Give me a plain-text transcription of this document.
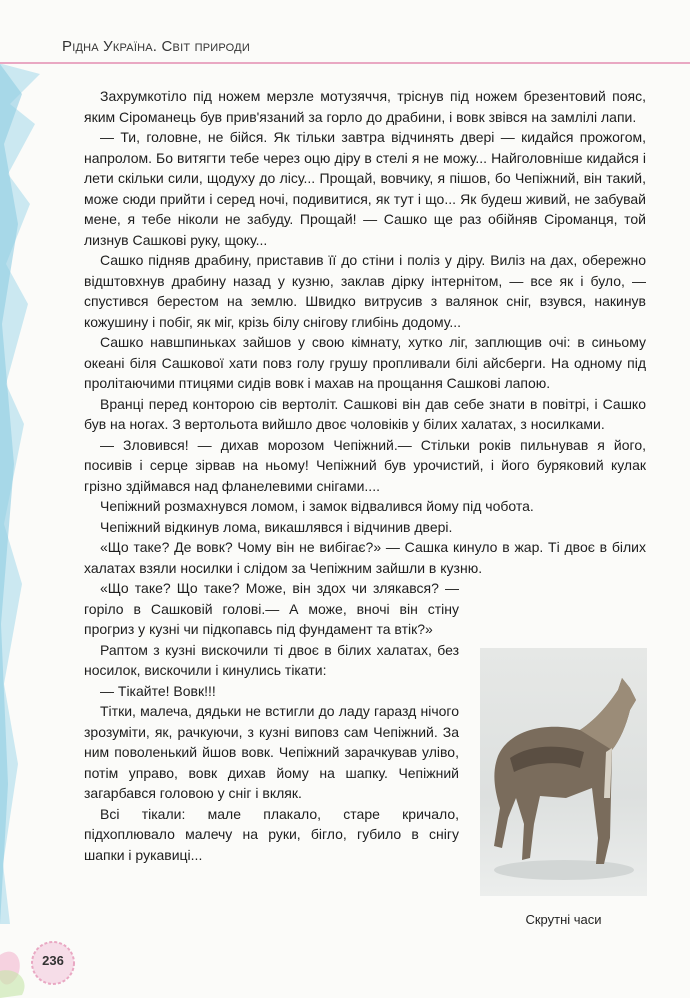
Рідна Україна. Світ природи

Захрумкотіло під ножем мерзле мотузяччя, тріснув під ножем брезентовий пояс, яким Сіроманець був прив'язаний за горло до драбини, і вовк звівся на замлілі лапи.

— Ти, головне, не бійся. Як тільки завтра відчинять двері — кидайся прожогом, напролом. Бо витягти тебе через оцю діру в стелі я не можу... Найголовніше кидайся і лети скільки сили, щодуху до лісу... Прощай, вовчику, я пішов, бо Чепіжний, він такий, може сюди прийти і серед ночі, подивитися, як тут і що... Як будеш живий, не забувай мене, я тебе ніколи не забуду. Прощай! — Сашко ще раз обійняв Сіроманця, той лизнув Сашкові руку, щоку...

Сашко підняв драбину, приставив її до стіни і поліз у діру. Виліз на дах, обережно відштовхнув драбину назад у кузню, заклав дірку інтернітом, — все як і було, — спустився берестом на землю. Швидко витрусив з валянок сніг, взувся, накинув кожушину і побіг, як міг, крізь білу снігову глибінь додому...

Сашко навшпиньках зайшов у свою кімнату, хутко ліг, заплющив очі: в синьому океані біля Сашкової хати повз голу грушу пропливали білі айсберги. На одному під пролітаючими птицями сидів вовк і махав на прощання Сашкові лапою.

Вранці перед конторою сів вертоліт. Сашкові він дав себе знати в повітрі, і Сашко був на ногах. З вертольота вийшло двоє чоловіків у білих халатах, з носилками.

— Зловився! — дихав морозом Чепіжний.— Стільки років пильнував я його, посивів і серце зірвав на ньому! Чепіжний був урочистий, і його буряковий кулак грізно здіймався над фланелевими снігами....

Чепіжний розмахнувся ломом, і замок відвалився йому під чобота.

Чепіжний відкинув лома, викашлявся і відчинив двері.

«Що таке? Де вовк? Чому він не вибігає?» — Сашка кинуло в жар. Ті двоє в білих халатах взяли носилки і слідом за Чепіжним зайшли в кузню.

«Що таке? Що таке? Може, він здох чи злякався? — горіло в Сашковій голові.— А може, вночі він стіну прогриз у кузні чи підкопавсь під фундамент та втік?»

Раптом з кузні вискочили ті двоє в білих халатах, без носилок, вискочили і кинулись тікати:

— Тікайте! Вовк!!!

Тітки, малеча, дядьки не встигли до ладу гаразд нічого зрозуміти, як, рачкуючи, з кузні виповз сам Чепіжний. За ним поволенький йшов вовк. Чепіжний зарачкував уліво, потім управо, вовк дихав йому на шапку. Чепіжний загарбався головою у сніг і вкляк.

Всі тікали: мале плакало, старе кричало, підхоплювало малечу на руки, бігло, губило в снігу шапки і рукавиці...

Скрутні часи
236
